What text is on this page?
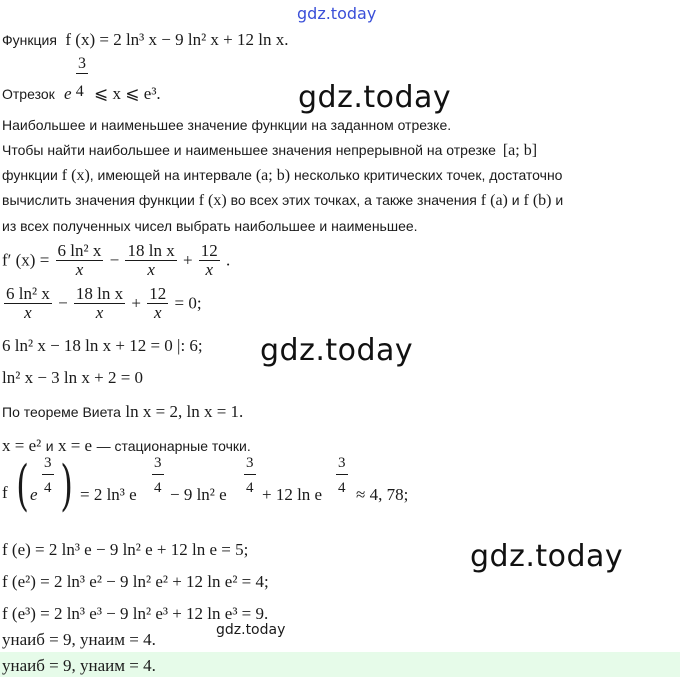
gdz.today
gdz.today
gdz.today
gdz.today
gdz.today
Функция f (x) = 2 ln³ x − 9 ln² x + 12 ln x.
Отрезок
3
e 4 ⩽ x ⩽ e³.
Наибольшее и наименьшее значение функции на заданном отрезке.
Чтобы найти наибольшее и наименьшее значения непрерывной на отрезке [a; b]
функции f (x), имеющей на интервале (a; b) несколько критических точек, достаточно
вычислить значения функции f (x) во всех этих точках, а также значения f (a) и f (b) и
из всех полученных чисел выбрать наибольшее и наименьшее.
f′ $(x) = \frac{\text{6 ln² x}}{x} - \frac{\text{18 ln x}}{x} + \frac{12}{x}$ .
$\frac{\text{6 ln² x}}{x} - \frac{\text{18 ln x}}{x} + \frac{12}{x} = 0$;
6 ln² x − 18 ln x + 12 = 0 |: 6;
ln² x − 3 ln x + 2 = 0
По теореме Виета ln x = 2, ln x = 1.
x = e² и x = e — стационарные точки.
f ( e
3
4 ) = 2 ln³ e
3
4 − 9 ln² e
3
4 + 12 ln e
3
4 ≈ 4, 78;
f (e) = 2 ln³ e − 9 ln² e + 12 ln e = 5;
f (e²) = 2 ln³ e² − 9 ln² e² + 12 ln e² = 4;
f (e³) = 2 ln³ e³ − 9 ln² e³ + 12 ln e³ = 9.
yнаиб = 9, yнаим = 4.
yнаиб = 9, yнаим = 4.
